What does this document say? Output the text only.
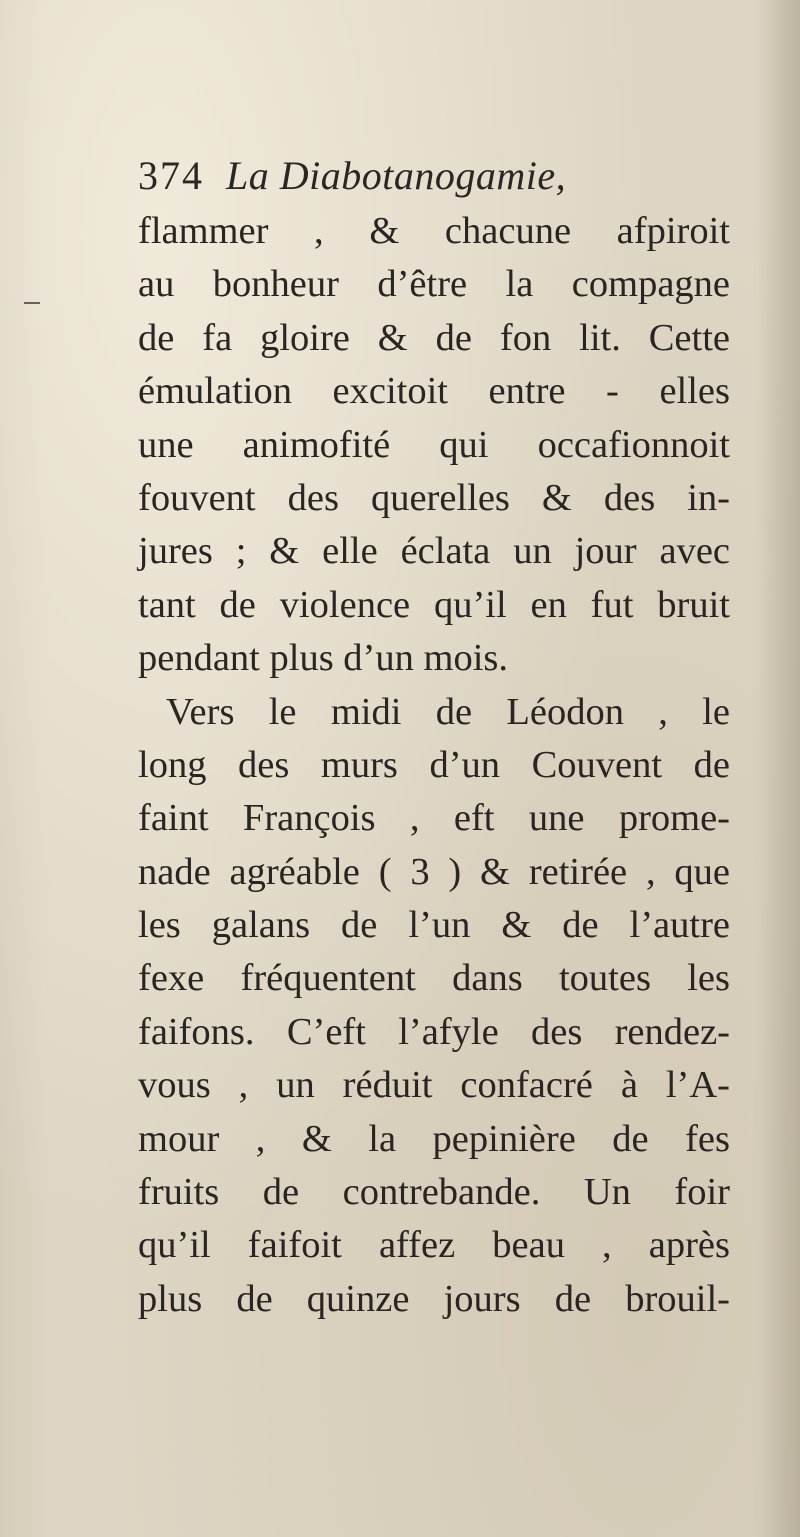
374 La Diabotanogamie,
flammer , & chacune afpiroit
au bonheur d’être la compagne
de fa gloire & de fon lit. Cette
émulation excitoit entre - elles
une animofité qui occafionnoit
fouvent des querelles & des in-
jures ; & elle éclata un jour avec
tant de violence qu’il en fut bruit
pendant plus d’un mois.
Vers le midi de Léodon , le
long des murs d’un Couvent de
faint François , eft une prome-
nade agréable ( 3 ) & retirée , que
les galans de l’un & de l’autre
fexe fréquentent dans toutes les
faifons. C’eft l’afyle des rendez-
vous , un réduit confacré à l’A-
mour , & la pepinière de fes
fruits de contrebande. Un foir
qu’il faifoit affez beau , après
plus de quinze jours de brouil-
